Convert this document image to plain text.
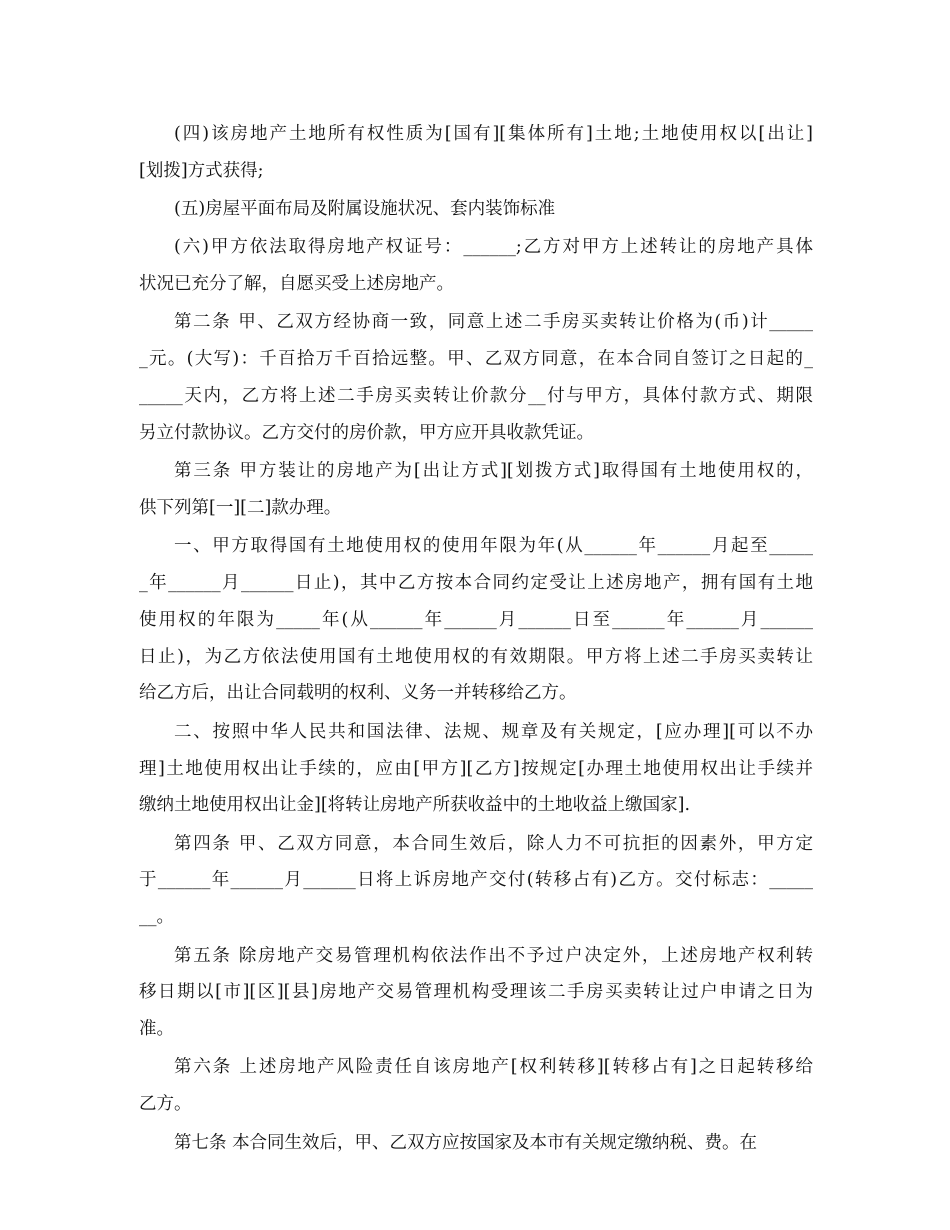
(四)该房地产土地所有权性质为[国有][集体所有]土地;土地使用权以[出让]
[划拨]方式获得;
(五)房屋平面布局及附属设施状况、套内装饰标准
(六)甲方依法取得房地产权证号：______;乙方对甲方上述转让的房地产具体
状况已充分了解，自愿买受上述房地产。
第二条 甲、乙双方经协商一致，同意上述二手房买卖转让价格为(币)计_____
_元。(大写)：千百拾万千百拾远整。甲、乙双方同意，在本合同自签订之日起的_
_____天内，乙方将上述二手房买卖转让价款分__付与甲方，具体付款方式、期限
另立付款协议。乙方交付的房价款，甲方应开具收款凭证。
第三条 甲方装让的房地产为[出让方式][划拨方式]取得国有土地使用权的，
供下列第[一][二]款办理。
一、甲方取得国有土地使用权的使用年限为年(从______年______月起至_____
_年______月______日止)，其中乙方按本合同约定受让上述房地产，拥有国有土地
使用权的年限为_____年(从______年______月______日至______年______月______
日止)，为乙方依法使用国有土地使用权的有效期限。甲方将上述二手房买卖转让
给乙方后，出让合同载明的权利、义务一并转移给乙方。
二、按照中华人民共和国法律、法规、规章及有关规定，[应办理][可以不办
理]土地使用权出让手续的，应由[甲方][乙方]按规定[办理土地使用权出让手续并
缴纳土地使用权出让金][将转让房地产所获收益中的土地收益上缴国家].
第四条 甲、乙双方同意，本合同生效后，除人力不可抗拒的因素外，甲方定
于______年______月______日将上诉房地产交付(转移占有)乙方。交付标志：_____
__。
第五条 除房地产交易管理机构依法作出不予过户决定外，上述房地产权利转
移日期以[市][区][县]房地产交易管理机构受理该二手房买卖转让过户申请之日为
准。
第六条 上述房地产风险责任自该房地产[权利转移][转移占有]之日起转移给
乙方。
第七条 本合同生效后，甲、乙双方应按国家及本市有关规定缴纳税、费。在
